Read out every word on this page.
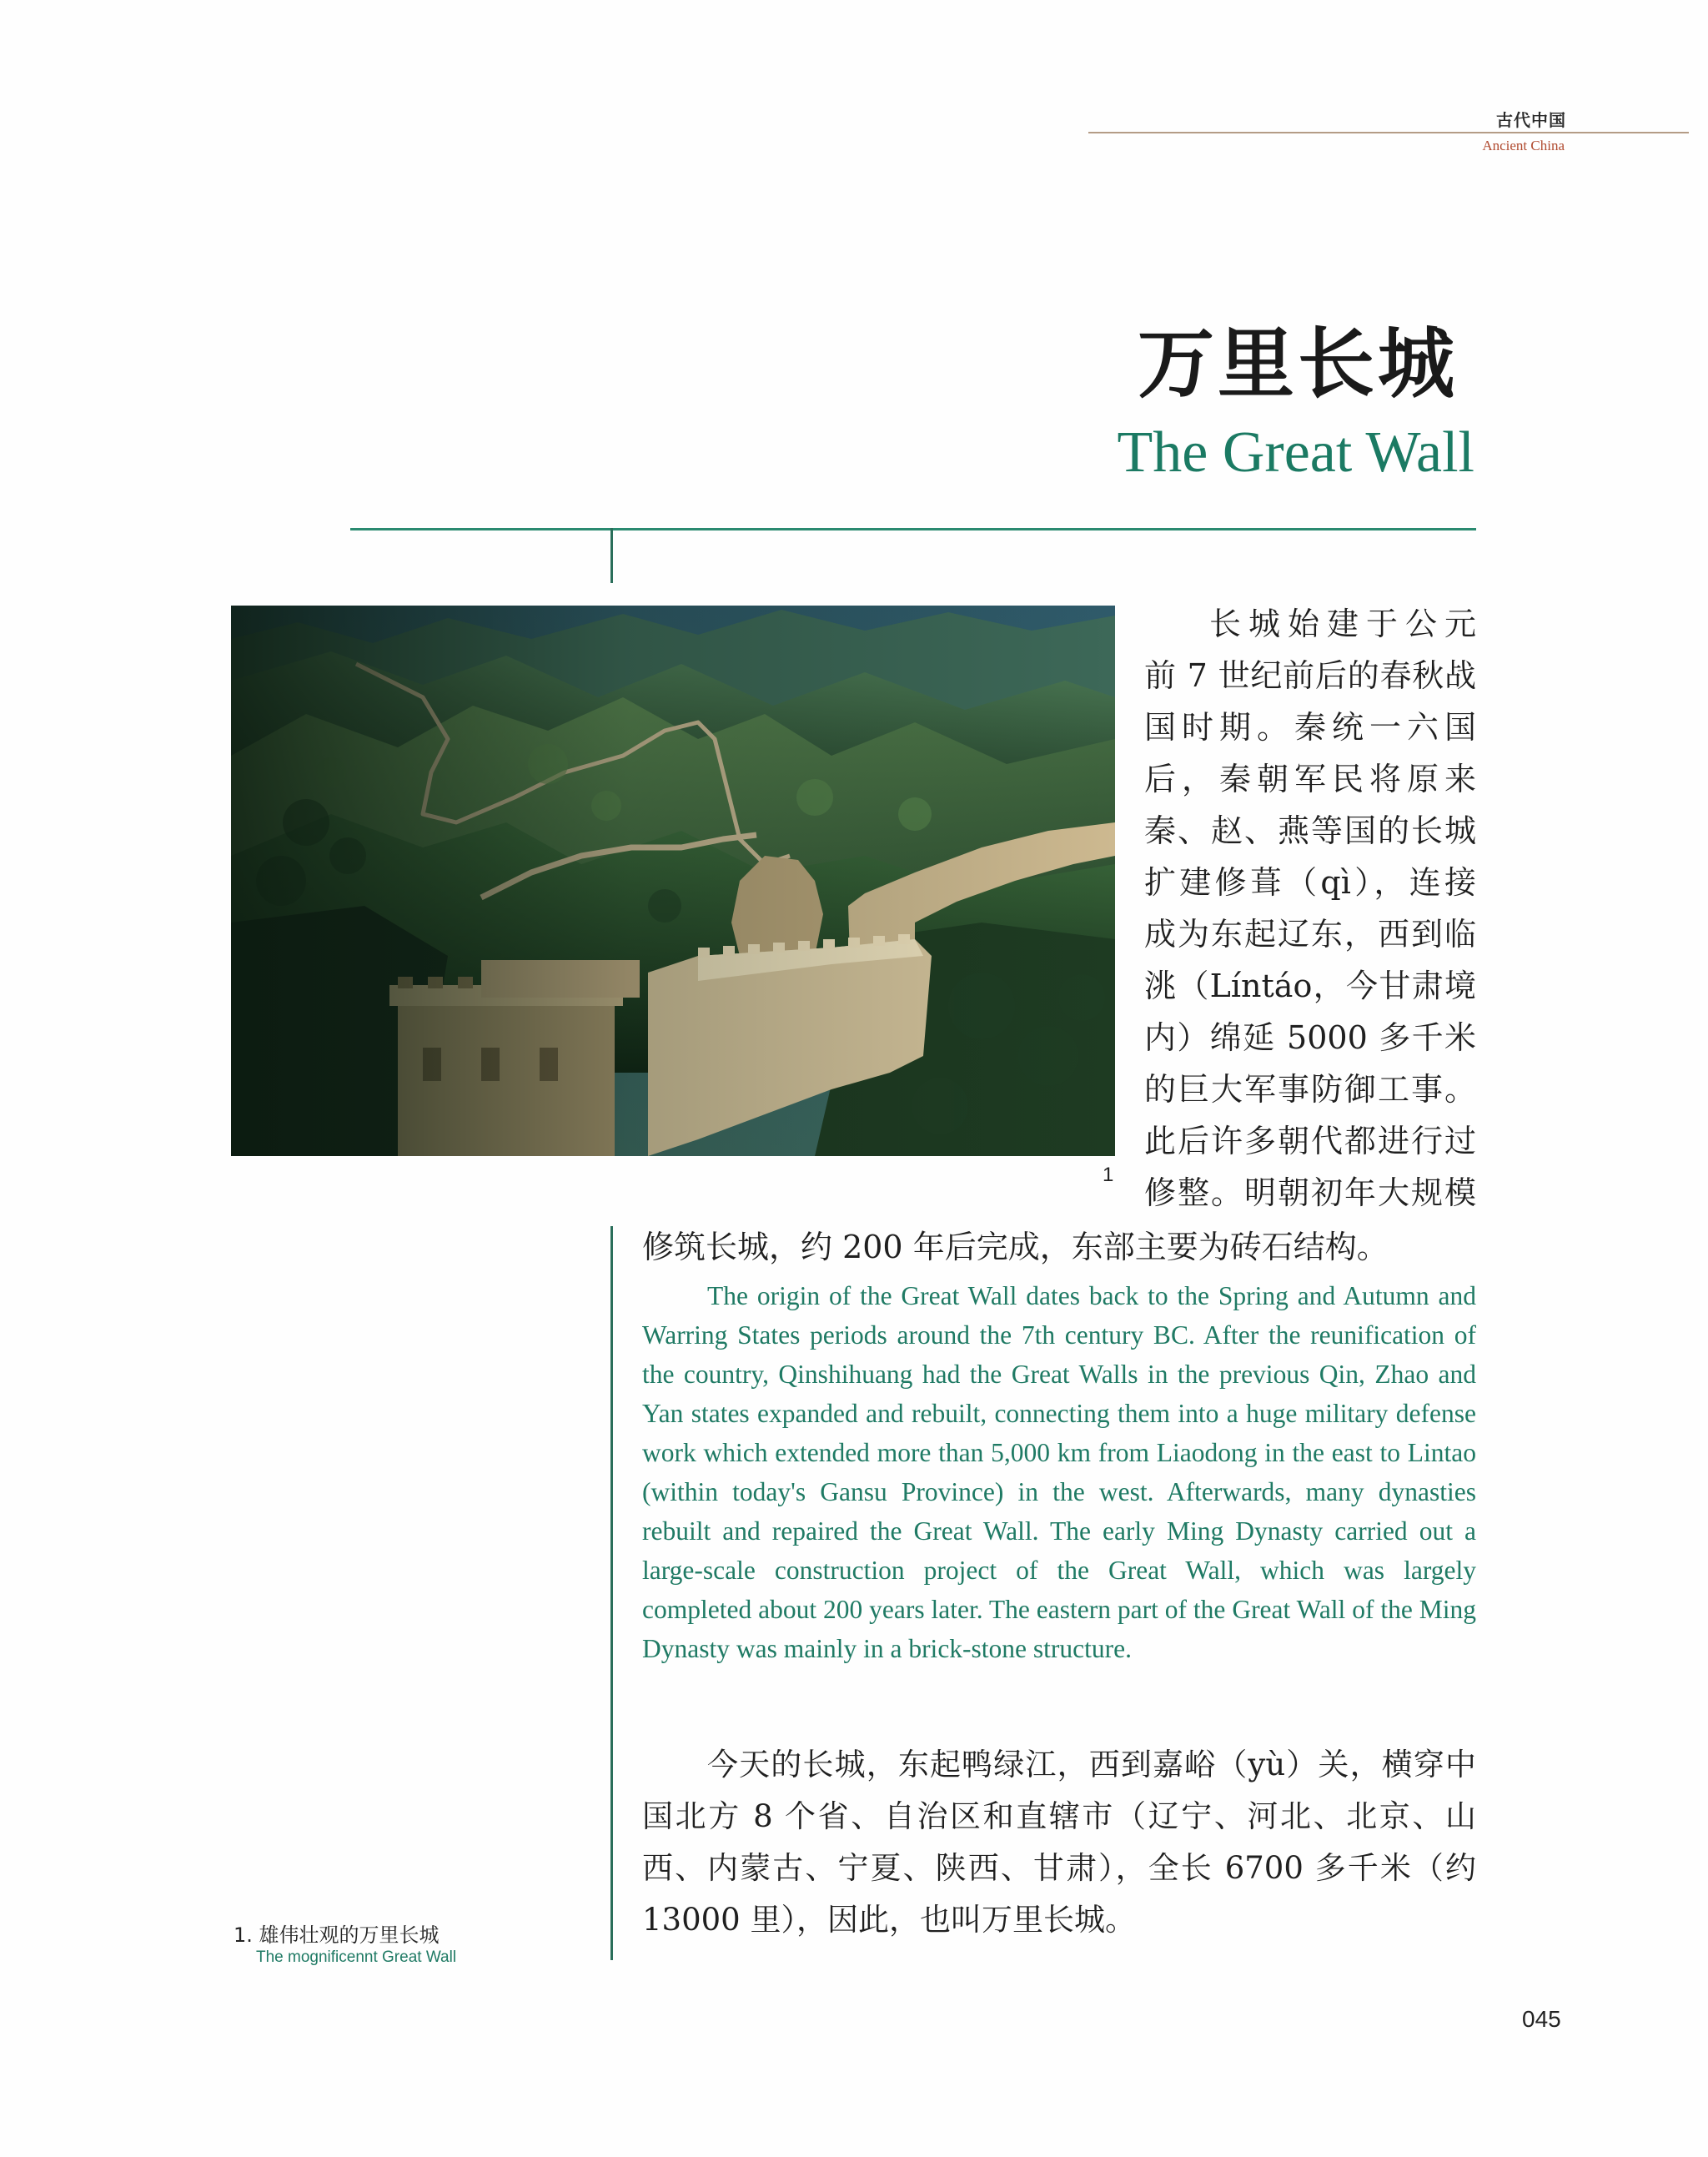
古代中国
Ancient China
万里长城
The Great Wall
1
长城始建于公元
前 7 世纪前后的春秋战
国时期。秦统一六国
后，秦朝军民将原来
秦、赵、燕等国的长城
扩建修葺（qì），连接
成为东起辽东，西到临
洮（Líntáo，今甘肃境
内）绵延 5000 多千米
的巨大军事防御工事。
此后许多朝代都进行过
修整。明朝初年大规模
修筑长城，约 200 年后完成，东部主要为砖石结构。

The origin of the Great Wall dates back to the Spring and Autumn and Warring States periods around the 7th century BC. After the reunification of the country, Qinshihuang had the Great Walls in the previous Qin, Zhao and Yan states expanded and rebuilt, connecting them into a huge military defense work which extended more than 5,000 km from Liaodong in the east to Lintao (within today's Gansu Province) in the west. Afterwards, many dynasties rebuilt and repaired the Great Wall. The early Ming Dynasty carried out a large-scale construction project of the Great Wall, which was largely completed about 200 years later. The eastern part of the Great Wall of the Ming Dynasty was mainly in a brick-stone structure.

今天的长城，东起鸭绿江，西到嘉峪（yù）关，横穿中国北方 8 个省、自治区和直辖市（辽宁、河北、北京、山西、内蒙古、宁夏、陕西、甘肃），全长 6700 多千米（约 13000 里），因此，也叫万里长城。

1. 雄伟壮观的万里长城
The mognificennt Great Wall
045
